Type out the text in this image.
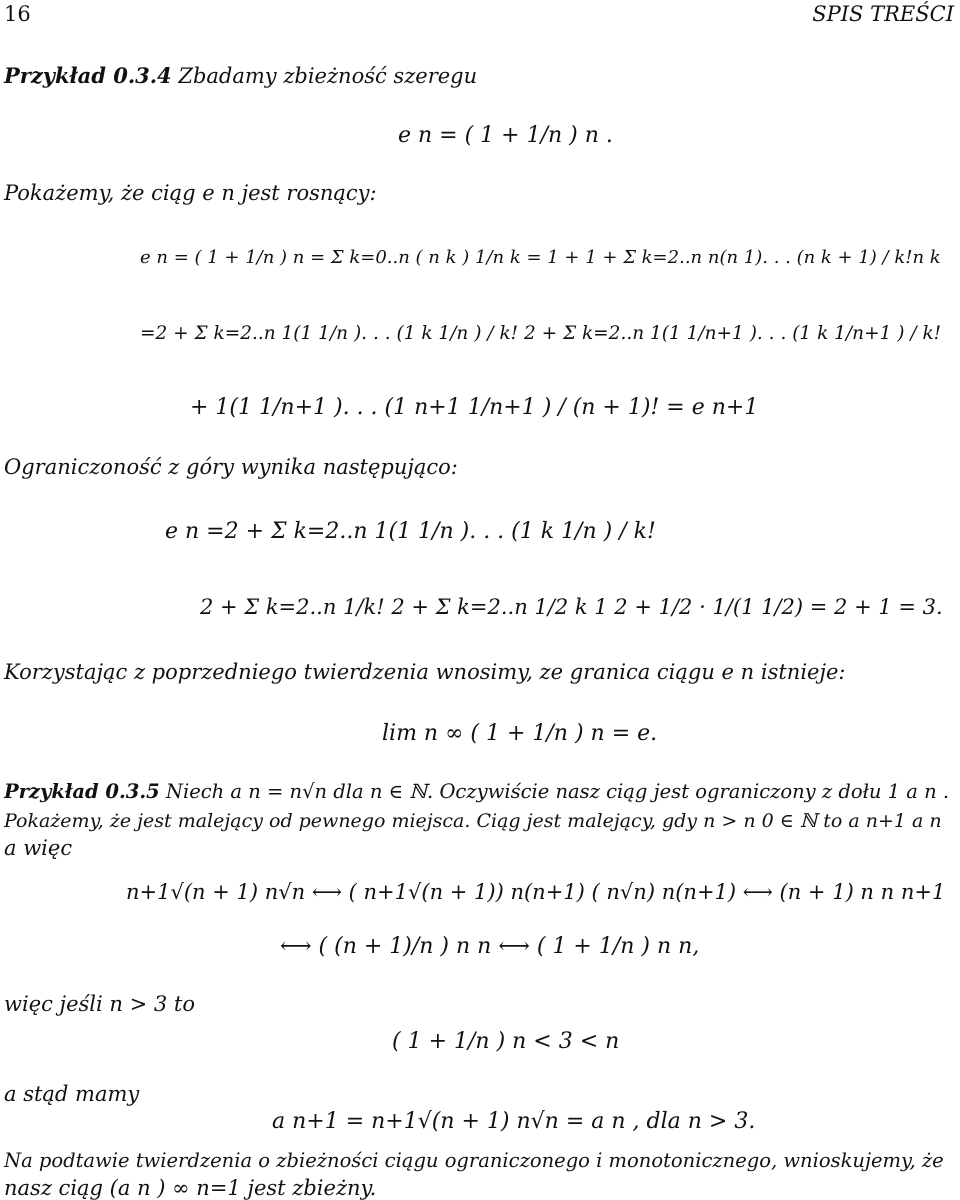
16	SPIS TREŚCI
Przykład 0.3.4 Zbadamy zbieżność szeregu
e n = ( 1 + 1/n ) n .
Pokażemy, że ciąg e n jest rosnący:
e n = ( 1 + 1/n ) n = Σ k=0..n ( n k ) 1/n k = 1 + 1 + Σ k=2..n n(n 1). . . (n k + 1) / k!n k
=2 + Σ k=2..n 1(1 1/n ). . . (1 k 1/n ) / k! 2 + Σ k=2..n 1(1 1/n+1 ). . . (1 k 1/n+1 ) / k!
+ 1(1 1/n+1 ). . . (1 n+1 1/n+1 ) / (n + 1)! = e n+1
Ograniczoność z góry wynika następująco:
e n =2 + Σ k=2..n 1(1 1/n ). . . (1 k 1/n ) / k!
2 + Σ k=2..n 1/k! 2 + Σ k=2..n 1/2 k 1 2 + 1/2 · 1/(1 1/2) = 2 + 1 = 3.
Korzystając z poprzedniego twierdzenia wnosimy, ze granica ciągu e n istnieje:
lim n ∞ ( 1 + 1/n ) n = e.
Przykład 0.3.5 Niech a n = n√n dla n ∈ ℕ. Oczywiście nasz ciąg jest ograniczony z dołu 1 a n .
Pokażemy, że jest malejący od pewnego miejsca. Ciąg jest malejący, gdy n > n 0 ∈ ℕ to a n+1 a n
a więc
n+1√(n + 1) n√n ⟷ ( n+1√(n + 1)) n(n+1) ( n√n) n(n+1) ⟷ (n + 1) n n n+1
⟷ ( (n + 1)/n ) n n ⟷ ( 1 + 1/n ) n n,
więc jeśli n > 3 to
( 1 + 1/n ) n < 3 < n
a stąd mamy
a n+1 = n+1√(n + 1) n√n = a n , dla n > 3.
Na podtawie twierdzenia o zbieżności ciągu ograniczonego i monotonicznego, wnioskujemy, że
nasz ciąg (a n ) ∞ n=1 jest zbieżny.
